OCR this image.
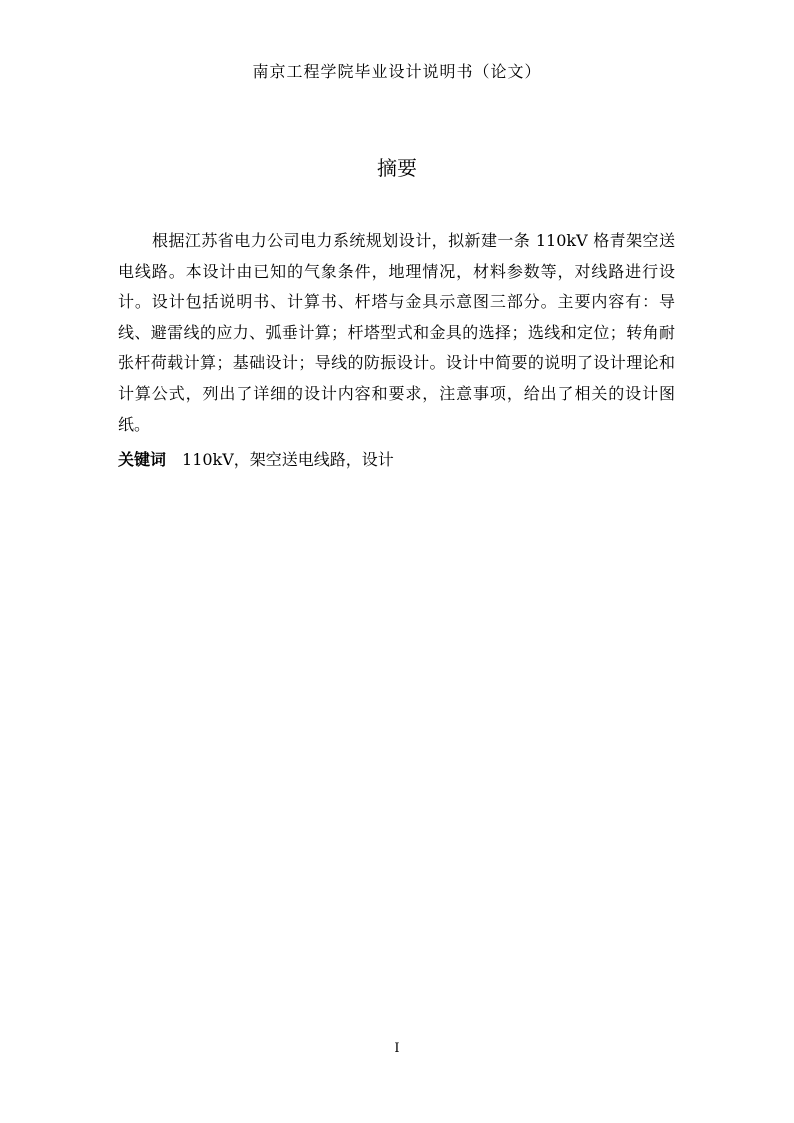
南京工程学院毕业设计说明书（论文）
摘要

根据江苏省电力公司电力系统规划设计，拟新建一条 110kV 格青架空送电线路。本设计由已知的气象条件，地理情况，材料参数等，对线路进行设计。设计包括说明书、计算书、杆塔与金具示意图三部分。主要内容有：导线、避雷线的应力、弧垂计算；杆塔型式和金具的选择；选线和定位；转角耐张杆荷载计算；基础设计；导线的防振设计。设计中简要的说明了设计理论和计算公式，列出了详细的设计内容和要求，注意事项，给出了相关的设计图纸。

关键词 110kV，架空送电线路，设计
I
